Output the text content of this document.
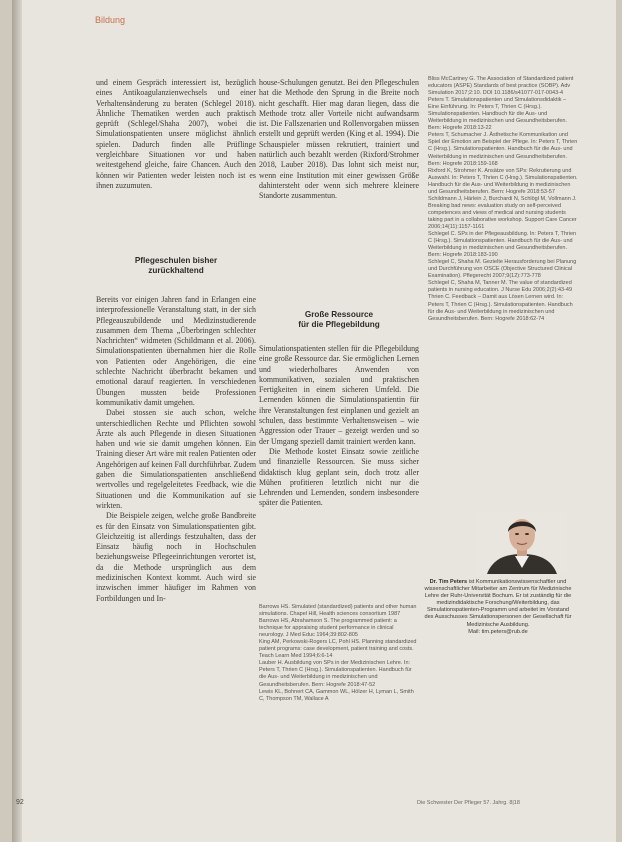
Bildung

und einem Gespräch interessiert ist, bezüglich eines Antikoagulanzienwechsels und einer Verhaltensänderung zu beraten (Schlegel 2018). Ähnliche Thematiken werden auch praktisch geprüft (Schlegel/Shaha 2007), wobei die Simulationspatienten unsere möglichst ähnlich spielen. Dadurch finden alle Prüflinge vergleichbare Situationen vor und haben weitestgehend gleiche, faire Chancen. Auch den können wir Patienten weder leisten noch ist es ihnen zuzumuten.

Pflegeschulen bisher
zurückhaltend

Bereits vor einigen Jahren fand in Erlangen eine interprofessionelle Veranstaltung statt, in der sich Pflegeauszubildende und Medizinstudierende zusammen dem Thema „Überbringen schlechter Nachrichten“ widmeten (Schildmann et al. 2006). Simulationspatienten übernahmen hier die Rolle von Patienten oder Angehörigen, die eine schlechte Nachricht überbracht bekamen und emotional darauf reagierten. In verschiedenen Übungen mussten beide Professionen kommunikativ damit umgehen.

Dabei stossen sie auch schon, welche unterschiedlichen Rechte und Pflichten sowohl Ärzte als auch Pflegende in diesen Situationen haben und wie sie damit umgehen können. Ein Training dieser Art wäre mit realen Patienten oder Angehörigen auf keinen Fall durchführbar. Zudem gaben die Simulationspatienten anschließend wertvolles und regelgeleitetes Feedback, wie die Situationen und die Kommunikation auf sie wirkten.

Die Beispiele zeigen, welche große Bandbreite es für den Einsatz von Simulationspatienten gibt. Gleichzeitig ist allerdings festzuhalten, dass der Einsatz häufig noch in Hochschulen beziehungsweise Pflegeeinrichtungen verortet ist, da die Methode ursprünglich aus dem medizinischen Kontext kommt. Auch wird sie inzwischen immer häufiger im Rahmen von Fortbildungen und In-

house-Schulungen genutzt. Bei den Pflegeschulen hat die Methode den Sprung in die Breite noch nicht geschafft. Hier mag daran liegen, dass die Methode trotz aller Vorteile nicht aufwandsarm ist. Die Fallszenarien und Rollenvorgaben müssen erstellt und geprüft werden (King et al. 1994). Die Schauspieler müssen rekrutiert, trainiert und natürlich auch bezahlt werden (Rixford/Strohmer 2018, Lauber 2018). Das lohnt sich meist nur, wenn eine Institution mit einer gewissen Größe dahintersteht oder wenn sich mehrere kleinere Standorte zusammentun.

Große Ressource
für die Pflegebildung

Simulationspatienten stellen für die Pflegebildung eine große Ressource dar. Sie ermöglichen Lernen und wiederholbares Anwenden von kommunikativen, sozialen und praktischen Fertigkeiten in einem sicheren Umfeld. Die Lernenden können die Simulationspatientin für ihre Veranstaltungen fest einplanen und gezielt an schulen, dass bestimmte Verhaltensweisen – wie Aggression oder Trauer – gezeigt werden und so der Umgang speziell damit trainiert werden kann.

Die Methode kostet Einsatz sowie zeitliche und finanzielle Ressourcen. Sie muss sicher didaktisch klug geplant sein, doch trotz aller Mühen profitieren letztlich nicht nur die Lehrenden und Lernenden, sondern insbesondere später die Patienten.

Barrows HS. Simulated (standardized) patients and other human simulations. Chapel Hill, Health sciences consortium 1987
Barrows HS, Abrahamson S. The programmed patient: a technique for appraising student performance in clinical neurology. J Med Educ 1964;39:802-805
King AM, Perkowski-Rogers LC, Pohl HS. Planning standardized patient programs: case development, patient training and costs. Teach Learn Med 1994;6:6-14
Lauber H. Ausbildung von SPs in der Medizinischen Lehre. In: Peters T, Thrien C (Hrsg.). Simulationspatienten. Handbuch für die Aus- und Weiterbildung in medizinischen und Gesundheitsberufen. Bern: Hogrefe 2018:47-52
Lewis KL, Bohnert CA, Gammon WL, Hölzer H, Lyman L, Smith C, Thompson TM, Wallace A
Bliss McCartney G. The Association of Standardized patient educators (ASPE) Standards of best practice (SOBP). Adv Simulation 2017;2:10. DOI 10.1186/s41077-017-0043-4
Peters T. Simulationspatienten und Simulationsdidaktik – Eine Einführung. In: Peters T, Thrien C (Hrsg.). Simulationspatienten. Handbuch für die Aus- und Weiterbildung in medizinischen und Gesundheitsberufen. Bern: Hogrefe 2018:13-22
Peters T, Schumacher J. Ästhetische Kommunikation und Spiel der Emotion am Beispiel der Pflege. In: Peters T, Thrien C (Hrsg.). Simulationspatienten. Handbuch für die Aus- und Weiterbildung in medizinischen und Gesundheitsberufen. Bern: Hogrefe 2018:159-168
Rixford K, Strohmer K. Ansätze von SPs: Rekrutierung und Auswahl. In: Peters T, Thrien C (Hrsg.). Simulationspatienten. Handbuch für die Aus- und Weiterbildung in medizinischen und Gesundheitsberufen. Bern: Hogrefe 2018:53-57
Schildmann J, Härlein J, Burchardi N, Schlögl M, Vollmann J. Breaking bad news: evaluation study on self-perceived competences and views of medical and nursing students taking part in a collaborative workshop. Support Care Cancer 2006;14(11):1157-1161
Schlegel C. SPs in der Pflegeausbildung. In: Peters T, Thrien C (Hrsg.). Simulationspatienten. Handbuch für die Aus- und Weiterbildung in medizinischen und Gesundheitsberufen. Bern: Hogrefe 2018:183-190
Schlegel C, Shaha M. Gezielte Herausforderung bei Planung und Durchführung von OSCE (Objective Structured Clinical Examination). Pflegerecht 2007;9(12):773-778
Schlegel C, Shaha M, Tanner M. The value of standardized patients in nursing education. J Nurse Edu 2006;2(2):43-49
Thrien C. Feedback – Damit aus Lösen Lernen wird. In: Peters T, Thrien C (Hrsg.). Simulationspatienten. Handbuch für die Aus- und Weiterbildung in medizinischen und Gesundheitsberufen. Bern: Hogrefe 2018:62-74
Dr. Tim Peters ist Kommunikationswissenschaftler und wissenschaftlicher Mitarbeiter am Zentrum für Medizinische Lehre der Ruhr-Universität Bochum. Er ist zuständig für die medizindidaktische Forschung/Weiterbildung, das Simulationspatienten-Programm und arbeitet im Vorstand des Ausschusses Simulationspersonen der Gesellschaft für Medizinische Ausbildung.
Mail: tim.peters@rub.de
92	Die Schwester Der Pfleger 57. Jahrg. 8|18
